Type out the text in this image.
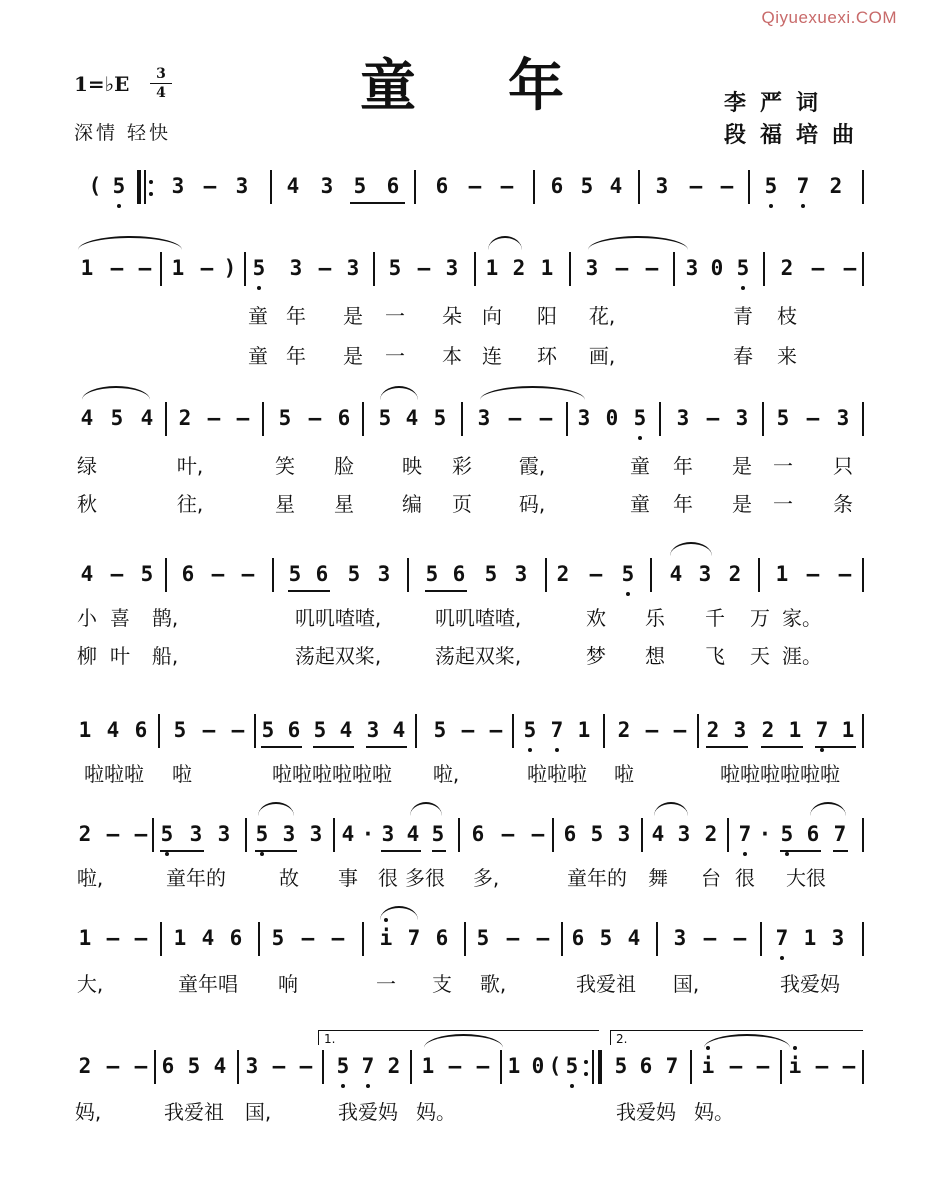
Qiyuexuexi.COM
童年
1=♭E	3
4
深情 轻快
李严词
段福培曲
( 5 3 – 3 4 3 5 6 6 – – 6 5 4 3 – – 5 7 2
1 – – 1 – ) 5 3 – 3 5 – 3 1 2 1 3 – – 3 0 5 2 – –
童 年 是 一 朵 向 阳 花,	青 枝
童 年 是 一 本 连 环 画,	春 来
4 5 4 2 – – 5 – 6 5 4 5 3 – – 3 0 5 3 – 3 5 – 3
绿	叶,	笑 脸 映 彩 霞,	童 年 是 一 只
秋	往,	星 星 编 页 码,	童 年 是 一 条
4 – 5 6 – – 5 6 5 3 5 6 5 3 2 – 5 4 3 2 1 – –
小 喜 鹊,	叽叽喳喳,	叽叽喳喳,	欢 乐 千 万 家。
柳 叶 船,	荡起双桨,	荡起双桨,	梦 想 飞 天 涯。
1 4 6 5 – – 5 6 5 4 3 4 5 – – 5 7 1 2 – – 2 3 2 1 7 1
啦啦啦 啦	啦啦啦啦啦啦 啦,	啦啦啦 啦	啦啦啦啦啦啦
2 – – 5 3 3 5 3 3 4 · 3 4 5 6 – – 6 5 3 4 3 2 7 · 5 6 7
啦,	童年的	故 事 很 多很 多,	童年的 舞 台 很 大很
1 – – 1 4 6 5 – – i 7 6 5 – – 6 5 4 3 – – 7 1 3
大,	童年唱 响	一 支 歌,	我爱祖 国,	我爱妈
2 – – 6 5 4 3 – – 5 7 2 1 – – 1 0 ( 5 5 6 7 i – – i – –
1.	2.
妈,	我爱祖 国,	我爱妈 妈。	我爱妈 妈。
